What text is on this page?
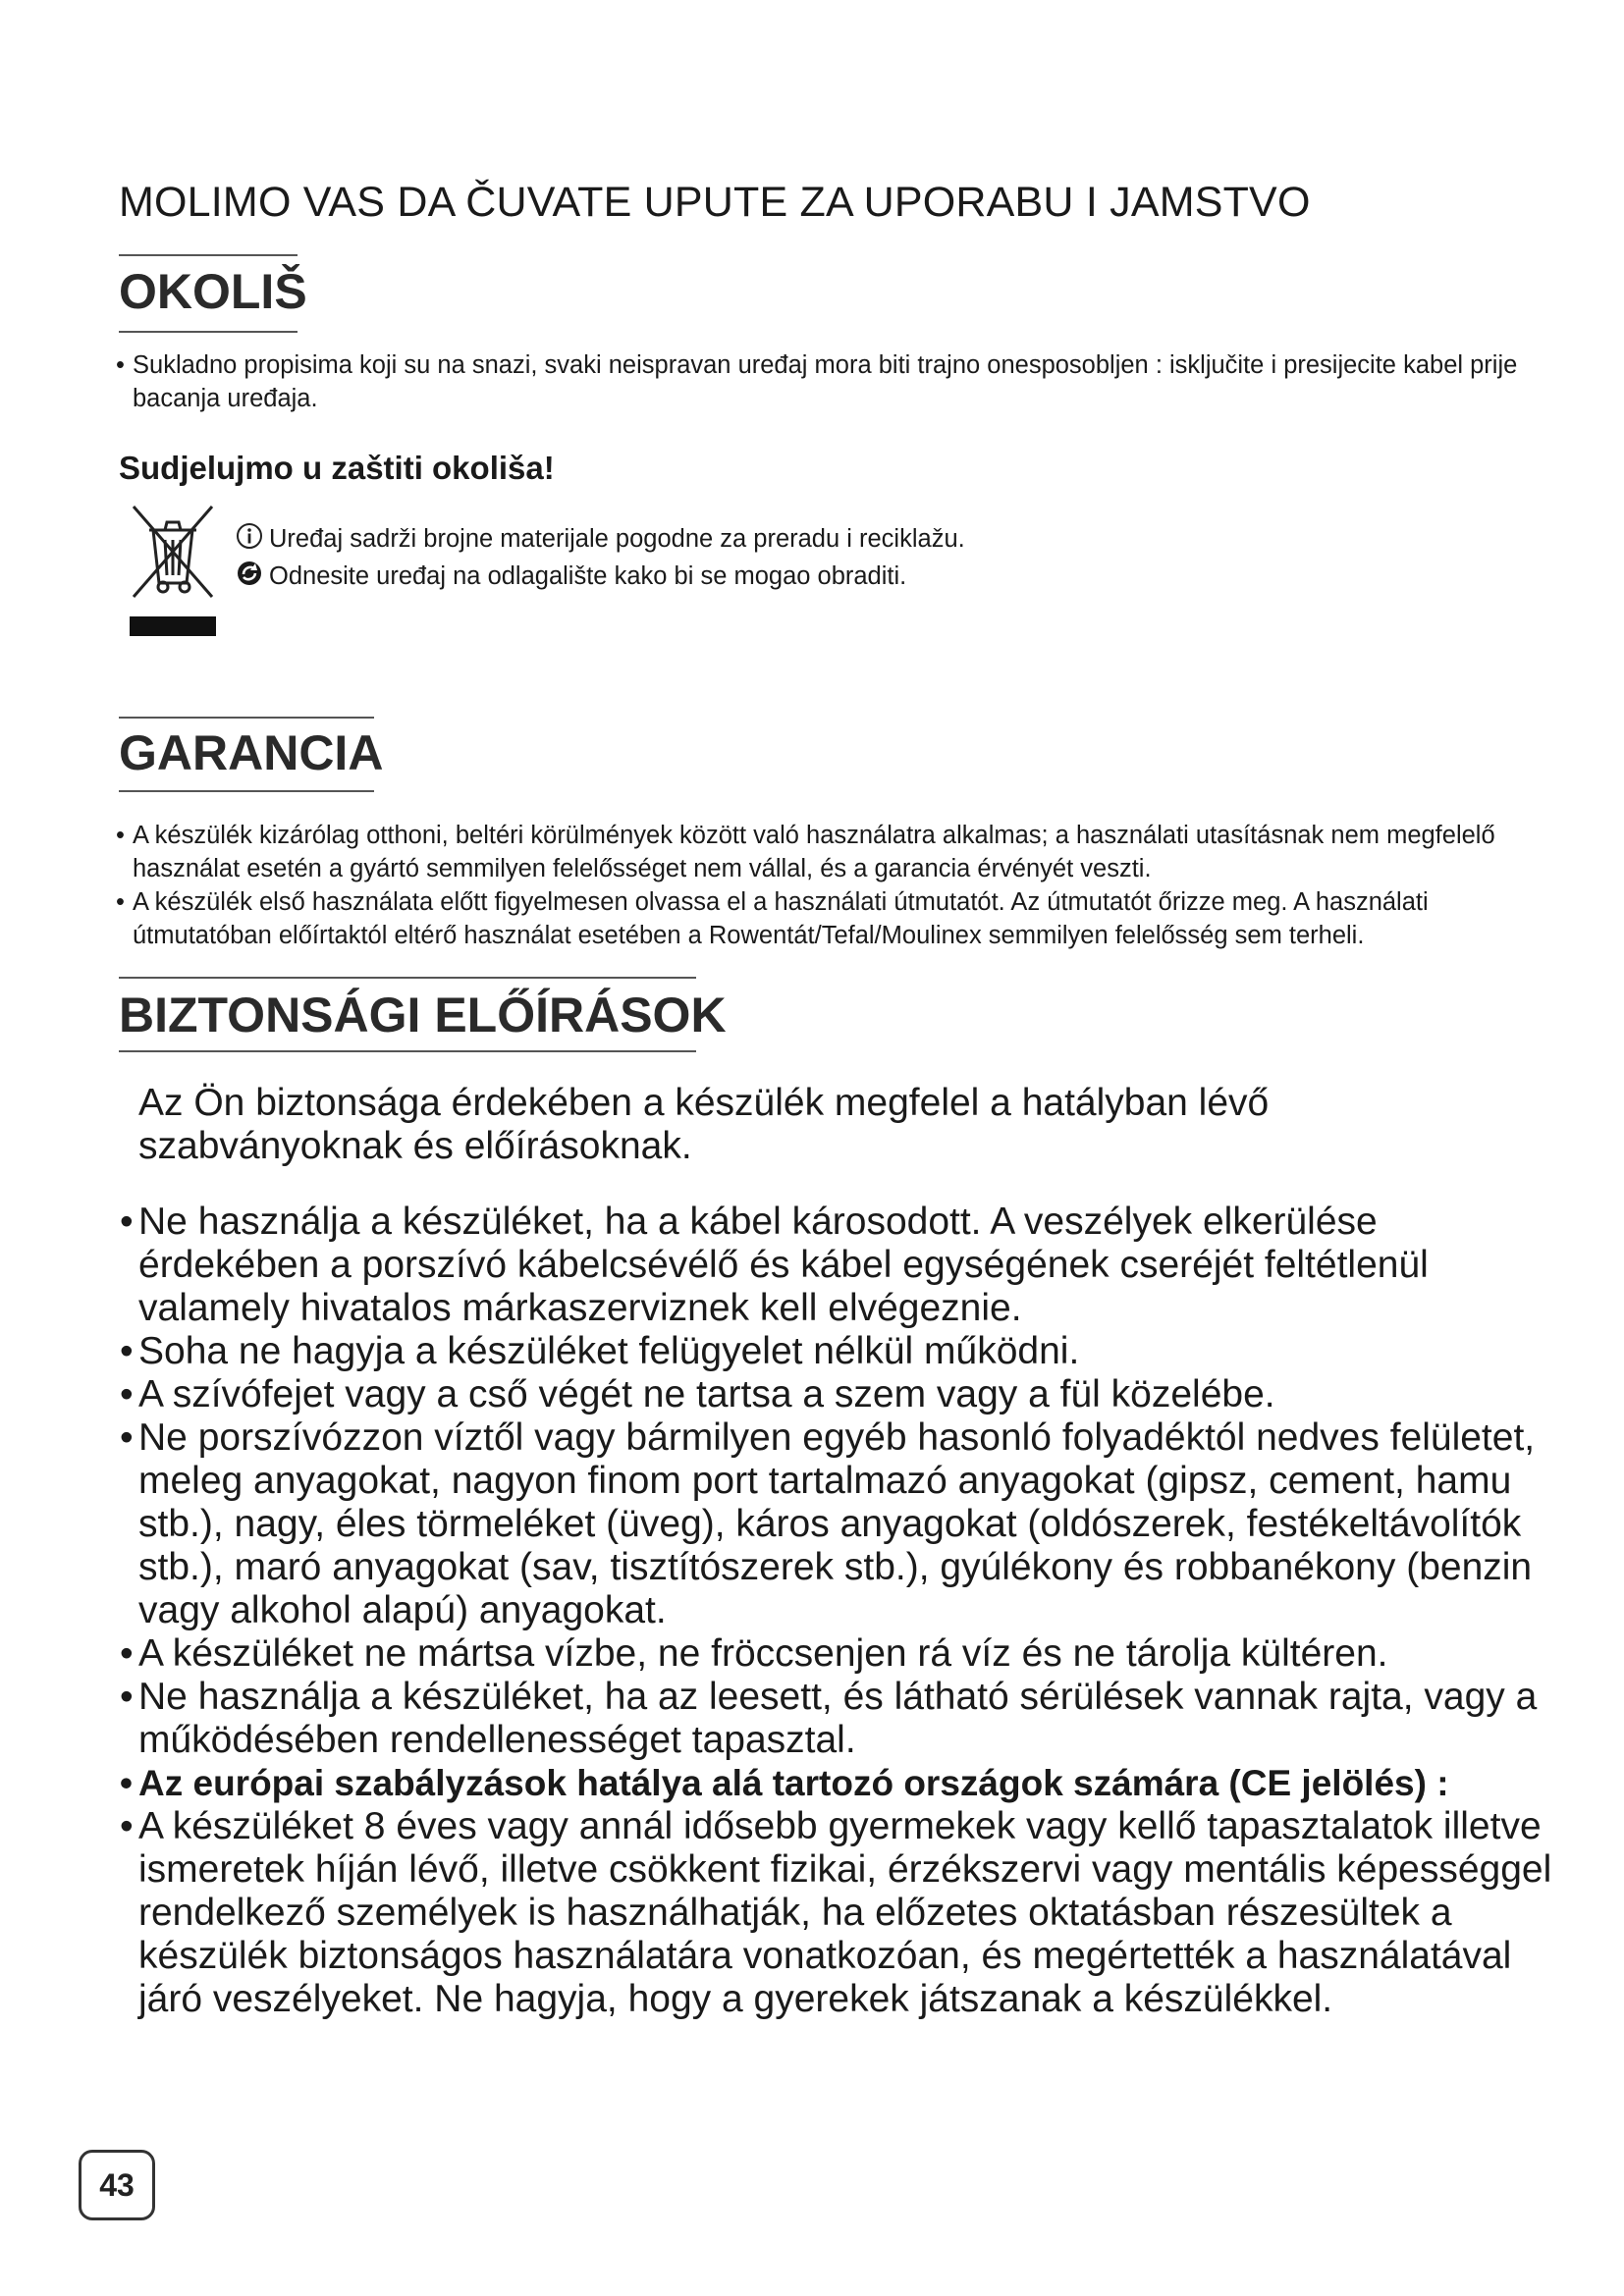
MOLIMO VAS DA ČUVATE UPUTE ZA UPORABU I JAMSTVO
OKOLIŠ
• Sukladno propisima koji su na snazi, svaki neispravan uređaj mora biti trajno onesposobljen : isključite i presijecite kabel prije bacanja uređaja.
Sudjelujmo u zaštiti okoliša!
Uređaj sadrži brojne materijale pogodne za preradu i reciklažu.
Odnesite uređaj na odlagalište kako bi se mogao obraditi.
GARANCIA
• A készülék kizárólag otthoni, beltéri körülmények között való használatra alkalmas; a használati utasításnak nem megfelelő használat esetén a gyártó semmilyen felelősséget nem vállal, és a garancia érvényét veszti.
• A készülék első használata előtt figyelmesen olvassa el a használati útmutatót. Az útmutatót őrizze meg. A használati útmutatóban előírtaktól eltérő használat esetében a Rowentát/Tefal/Moulinex semmilyen felelősség sem terheli.
BIZTONSÁGI ELŐÍRÁSOK
Az Ön biztonsága érdekében a készülék megfelel a hatályban lévő szabványoknak és előírásoknak.
• Ne használja a készüléket, ha a kábel károsodott. A veszélyek elkerülése érdekében a porszívó kábelcsévélő és kábel egységének cseréjét feltétlenül valamely hivatalos márkaszerviznek kell elvégeznie.
• Soha ne hagyja a készüléket felügyelet nélkül működni.
• A szívófejet vagy a cső végét ne tartsa a szem vagy a fül közelébe.
• Ne porszívózzon víztől vagy bármilyen egyéb hasonló folyadéktól nedves felületet, meleg anyagokat, nagyon finom port tartalmazó anyagokat (gipsz, cement, hamu stb.), nagy, éles törmeléket (üveg), káros anyagokat (oldószerek, festékeltávolítók stb.), maró anyagokat (sav, tisztítószerek stb.), gyúlékony és robbanékony (benzin vagy alkohol alapú) anyagokat.
• A készüléket ne mártsa vízbe, ne fröccsenjen rá víz és ne tárolja kültéren.
• Ne használja a készüléket, ha az leesett, és látható sérülések vannak rajta, vagy a működésében rendellenességet tapasztal.
• Az európai szabályzások hatálya alá tartozó országok számára (CE jelölés) :
• A készüléket 8 éves vagy annál idősebb gyermekek vagy kellő tapasztalatok illetve ismeretek híján lévő, illetve csökkent fizikai, érzékszervi vagy mentális képességgel rendelkező személyek is használhatják, ha előzetes oktatásban részesültek a készülék biztonságos használatára vonatkozóan, és megértették a használatával járó veszélyeket. Ne hagyja, hogy a gyerekek játszanak a készülékkel.
43
